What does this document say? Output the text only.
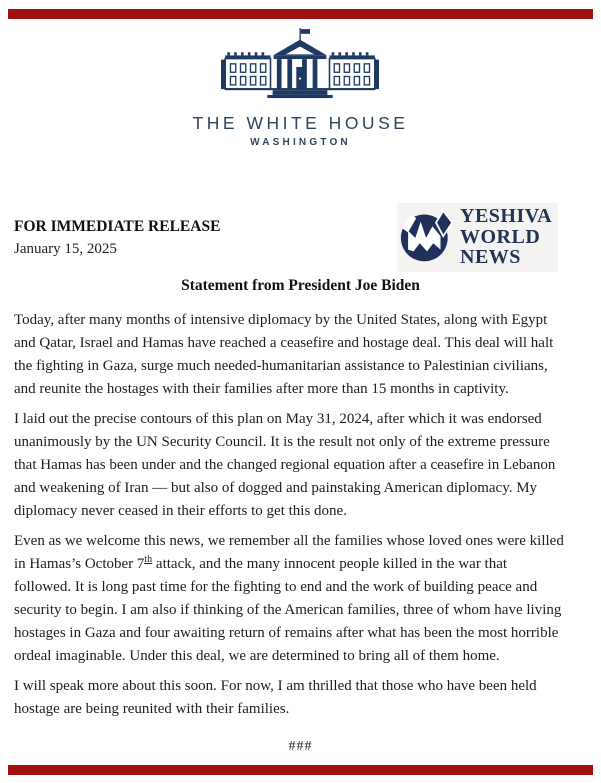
THE WHITE HOUSE
WASHINGTON
FOR IMMEDIATE RELEASE
January 15, 2025
YESHIVA
WORLD
NEWS
Statement from President Joe Biden
Today, after many months of intensive diplomacy by the United States, along with Egypt
and Qatar, Israel and Hamas have reached a ceasefire and hostage deal. This deal will halt
the fighting in Gaza, surge much needed-humanitarian assistance to Palestinian civilians,
and reunite the hostages with their families after more than 15 months in captivity.
I laid out the precise contours of this plan on May 31, 2024, after which it was endorsed
unanimously by the UN Security Council. It is the result not only of the extreme pressure
that Hamas has been under and the changed regional equation after a ceasefire in Lebanon
and weakening of Iran — but also of dogged and painstaking American diplomacy. My
diplomacy never ceased in their efforts to get this done.
Even as we welcome this news, we remember all the families whose loved ones were killed
in Hamas’s October 7th attack, and the many innocent people killed in the war that
followed. It is long past time for the fighting to end and the work of building peace and
security to begin. I am also if thinking of the American families, three of whom have living
hostages in Gaza and four awaiting return of remains after what has been the most horrible
ordeal imaginable. Under this deal, we are determined to bring all of them home.
I will speak more about this soon. For now, I am thrilled that those who have been held
hostage are being reunited with their families.
###
